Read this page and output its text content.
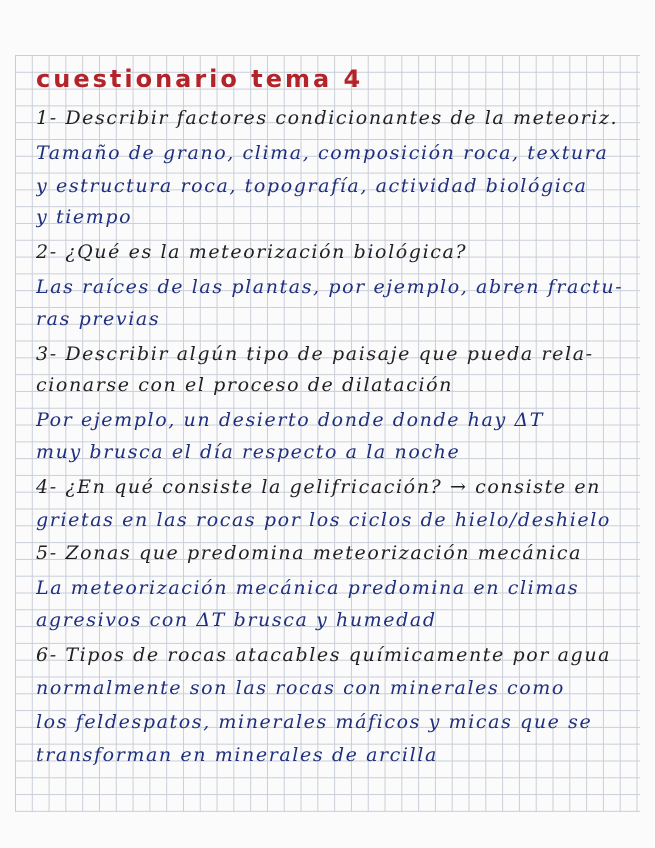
cuestionario tema 4
1- Describir factores condicionantes de la meteoriz.
Tamaño de grano, clima, composición roca, textura
y estructura roca, topografía, actividad biológica
y tiempo
2- ¿Qué es la meteorización biológica?
Las raíces de las plantas, por ejemplo, abren fractu-
ras previas
3- Describir algún tipo de paisaje que pueda rela-
cionarse con el proceso de dilatación
Por ejemplo, un desierto donde donde hay ΔT
muy brusca el día respecto a la noche
4- ¿En qué consiste la gelifricación? → consiste en
grietas en las rocas por los ciclos de hielo/deshielo
5- Zonas que predomina meteorización mecánica
La meteorización mecánica predomina en climas
agresivos con ΔT brusca y humedad
6- Tipos de rocas atacables químicamente por agua
normalmente son las rocas con minerales como
los feldespatos, minerales máficos y micas que se
transforman en minerales de arcilla
